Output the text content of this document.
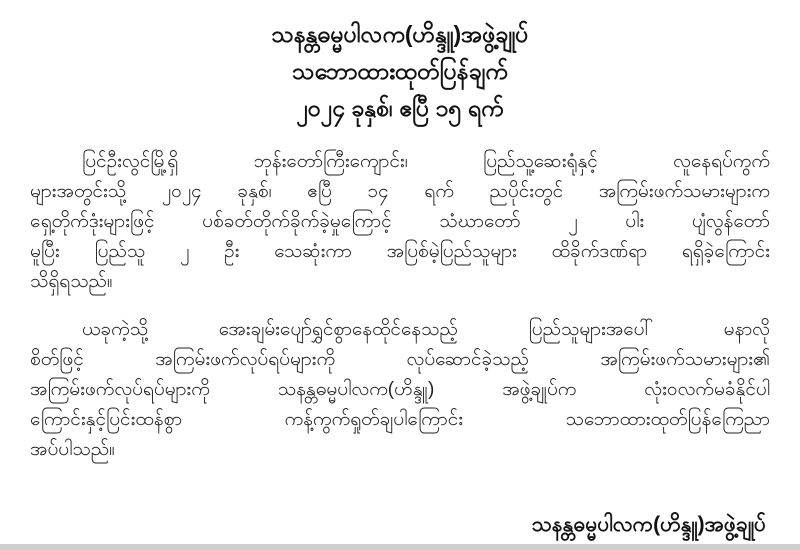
သနန္တဓမ္မပါလက(ဟိန္ဒူ)အဖွဲ့ချုပ်
သဘောထားထုတ်ပြန်ချက်
၂၀၂၄ ခုနှစ်၊ ဧပြီ ၁၅ ရက်
ပြင်ဦးလွင်မြို့ရှိ ဘုန်းတော်ကြီးကျောင်း၊ ပြည်သူ့ဆေးရုံနှင့် လူနေရပ်ကွက်
များအတွင်းသို့ ၂၀၂၄ ခုနှစ်၊ ဧပြီ ၁၄ ရက် ညပိုင်းတွင် အကြမ်းဖက်သမားများက
ရှေ့တိုက်ဒုံးများဖြင့် ပစ်ခတ်တိုက်ခိုက်ခဲ့မှုကြောင့် သံဃာတော် ၂ ပါး ပျံလွန်တော်
မူပြီး ပြည်သူ ၂ ဦး သေဆုံးကာ အပြစ်မဲ့ပြည်သူများ ထိခိုက်ဒဏ်ရာ ရရှိခဲ့ကြောင်း
သိရှိရသည်။
ယခုကဲ့သို့ အေးချမ်းပျော်ရွှင်စွာနေထိုင်နေသည့် ပြည်သူများအပေါ် မနာလို
စိတ်ဖြင့် အကြမ်းဖက်လုပ်ရပ်များကို လုပ်ဆောင်ခဲ့သည့် အကြမ်းဖက်သမားများ၏
အကြမ်းဖက်လုပ်ရပ်များကို သနန္တဓမ္မပါလက(ဟိန္ဒူ) အဖွဲ့ချုပ်က လုံးဝလက်မခံနိုင်ပါ
ကြောင်းနှင့်ပြင်းထန်စွာ ကန့်ကွက်ရှုတ်ချပါကြောင်း သဘောထားထုတ်ပြန်ကြေညာ
အပ်ပါသည်။
သနန္တဓမ္မပါလက(ဟိန္ဒူ)အဖွဲ့ချုပ်
